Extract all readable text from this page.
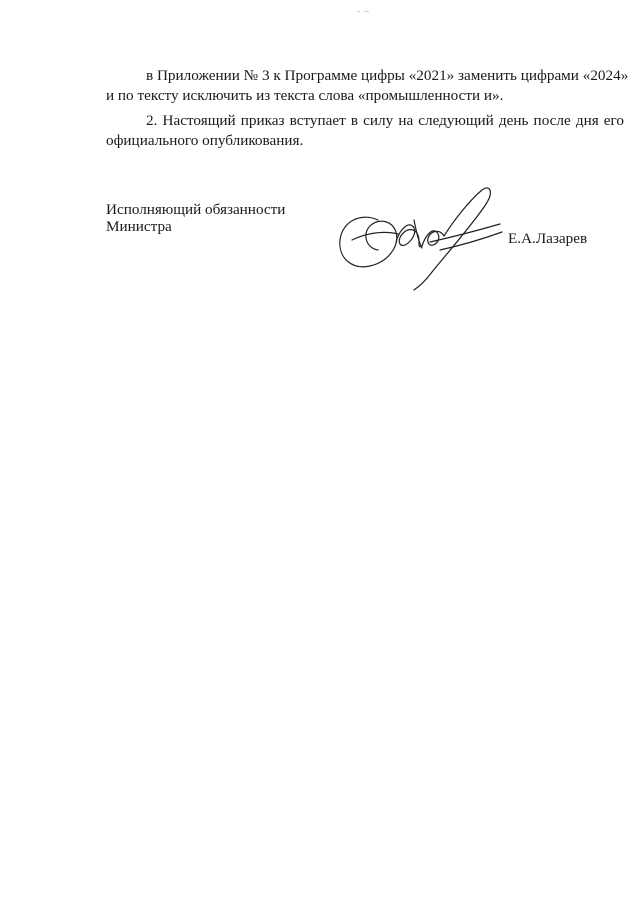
- –
в Приложении № 3 к Программе цифры «2021» заменить цифрами «2024»
и по тексту исключить из текста слова «промышленности и».
2. Настоящий приказ вступает в силу на следующий день после дня его
официального опубликования.
Исполняющий обязанности
Министра
Е.А.Лазарев
